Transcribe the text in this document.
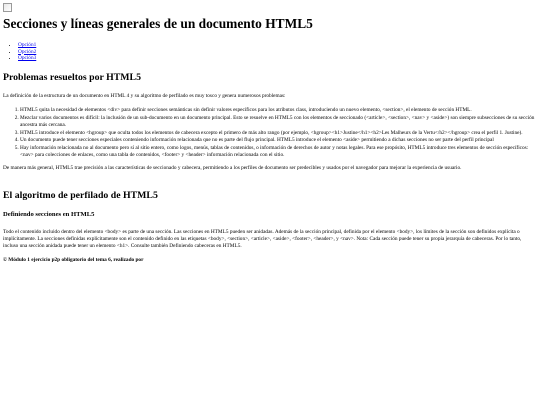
Secciones y líneas generales de un documento HTML5
• Opción1
• Opción2
• Opción3
Problemas resueltos por HTML5

La definición de la estructura de un documento en HTML 4 y su algoritmo de perfilado es muy tosco y genera numerosos problemas:

1. HTML5 quita la necesidad de elementos <div> para definir secciones semánticas sin definir valores específicos para los atributos class, introduciendo un nuevo elemento, <section>, el elemento de sección HTML.
2. Mezclar varios documentos es difícil: la inclusión de un sub-documento en un documento principal. Esto se resuelve en HTML5 con los elementos de seccionado (<article>, <section>, <nav> y <aside>) son siempre subsecciones de su sección ancestra más cercana.
3. HTML5 introduce el elemento <hgroup> que oculta todos los elementos de cabecera excepto el primero de más alto rango (por ejemplo, <hgroup><h1>Justine</h1><h2>Les Malheurs de la Vertu</h2></hgroup> crea el perfil 1. Justine).
4. Un documento puede tener secciones especiales conteniendo información relacionada que no es parte del flujo principal. HTML5 introduce el elemento <aside> permitiendo a dichas secciones no ser parte del perfil principal
5. Hay información relacionada no al documento pero sí al sitio entero, como logos, menús, tablas de contenidos, o información de derechos de autor y notas legales. Para ese propósito, HTML5 introduce tres elementos de sección específicos: <nav> para colecciones de enlaces, como una tabla de contenidos, <footer> y <header> información relacionada con el sitio.

De manera más general, HTML5 trae precisión a las características de seccionado y cabecera, permitiendo a los perfiles de documento ser predecibles y usados por el navegador para mejorar la experiencia de usuario.

El algoritmo de perfilado de HTML5
Definiendo secciones en HTML5

Todo el contenido incluido dentro del elemento <body> es parte de una sección. Las secciones en HTML5 pueden ser anidadas. Además de la sección principal, definida por el elemento <body>, los límites de la sección son definidos explícita o implícitamente. La secciones definidas explícitamente son el contenido definido en las etiquetas <body>, <section>, <article>, <aside>, <footer>, <header>, y <nav>. Nota: Cada sección puede tener su propia jerarquía de cabeceras. Por lo tanto, incluso una sección anidada puede tener un elemento <h1>. Consulte también Definiendo cabeceras en HTML5.

© Módulo 1 ejercicio p2p obligatorio del tema 6, realizado por
